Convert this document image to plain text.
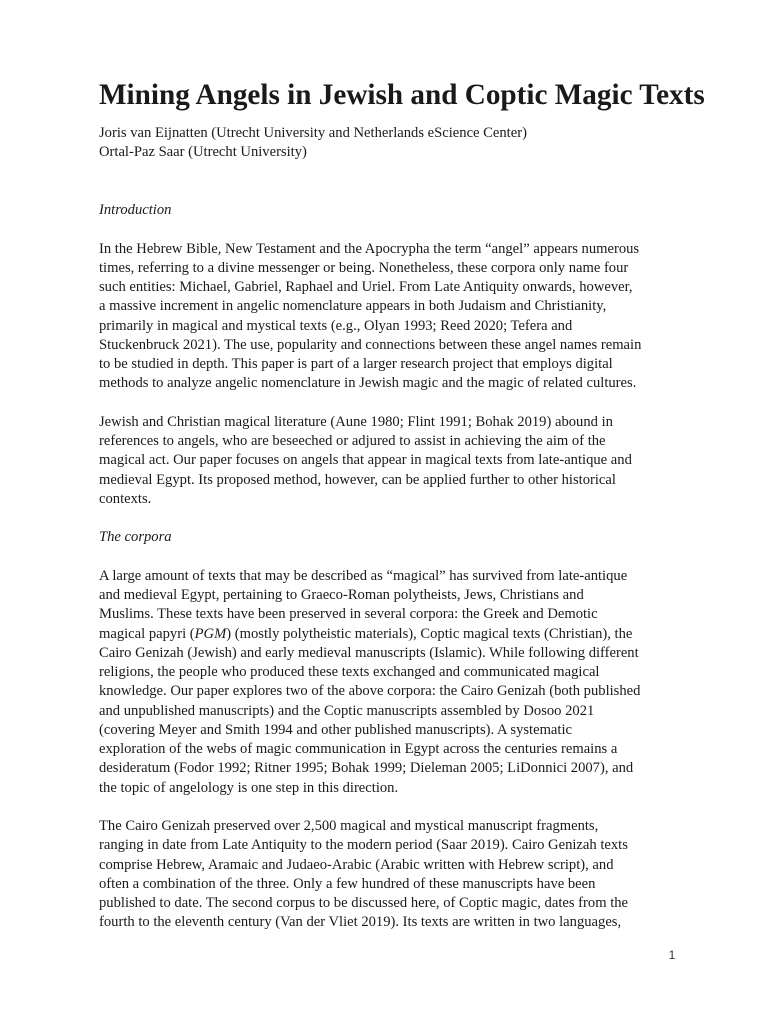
Mining Angels in Jewish and Coptic Magic Texts
Joris van Eijnatten (Utrecht University and Netherlands eScience Center)
Ortal-Paz Saar (Utrecht University)
Introduction

In the Hebrew Bible, New Testament and the Apocrypha the term “angel” appears numerous
times, referring to a divine messenger or being. Nonetheless, these corpora only name four
such entities: Michael, Gabriel, Raphael and Uriel. From Late Antiquity onwards, however,
a massive increment in angelic nomenclature appears in both Judaism and Christianity,
primarily in magical and mystical texts (e.g., Olyan 1993; Reed 2020; Tefera and
Stuckenbruck 2021). The use, popularity and connections between these angel names remain
to be studied in depth. This paper is part of a larger research project that employs digital
methods to analyze angelic nomenclature in Jewish magic and the magic of related cultures.

Jewish and Christian magical literature (Aune 1980; Flint 1991; Bohak 2019) abound in
references to angels, who are beseeched or adjured to assist in achieving the aim of the
magical act. Our paper focuses on angels that appear in magical texts from late-antique and
medieval Egypt. Its proposed method, however, can be applied further to other historical
contexts.

The corpora

A large amount of texts that may be described as “magical” has survived from late-antique
and medieval Egypt, pertaining to Graeco-Roman polytheists, Jews, Christians and
Muslims. These texts have been preserved in several corpora: the Greek and Demotic
magical papyri (PGM) (mostly polytheistic materials), Coptic magical texts (Christian), the
Cairo Genizah (Jewish) and early medieval manuscripts (Islamic). While following different
religions, the people who produced these texts exchanged and communicated magical
knowledge. Our paper explores two of the above corpora: the Cairo Genizah (both published
and unpublished manuscripts) and the Coptic manuscripts assembled by Dosoo 2021
(covering Meyer and Smith 1994 and other published manuscripts). A systematic
exploration of the webs of magic communication in Egypt across the centuries remains a
desideratum (Fodor 1992; Ritner 1995; Bohak 1999; Dieleman 2005; LiDonnici 2007), and
the topic of angelology is one step in this direction.

The Cairo Genizah preserved over 2,500 magical and mystical manuscript fragments,
ranging in date from Late Antiquity to the modern period (Saar 2019). Cairo Genizah texts
comprise Hebrew, Aramaic and Judaeo-Arabic (Arabic written with Hebrew script), and
often a combination of the three. Only a few hundred of these manuscripts have been
published to date. The second corpus to be discussed here, of Coptic magic, dates from the
fourth to the eleventh century (Van der Vliet 2019). Its texts are written in two languages,

1
